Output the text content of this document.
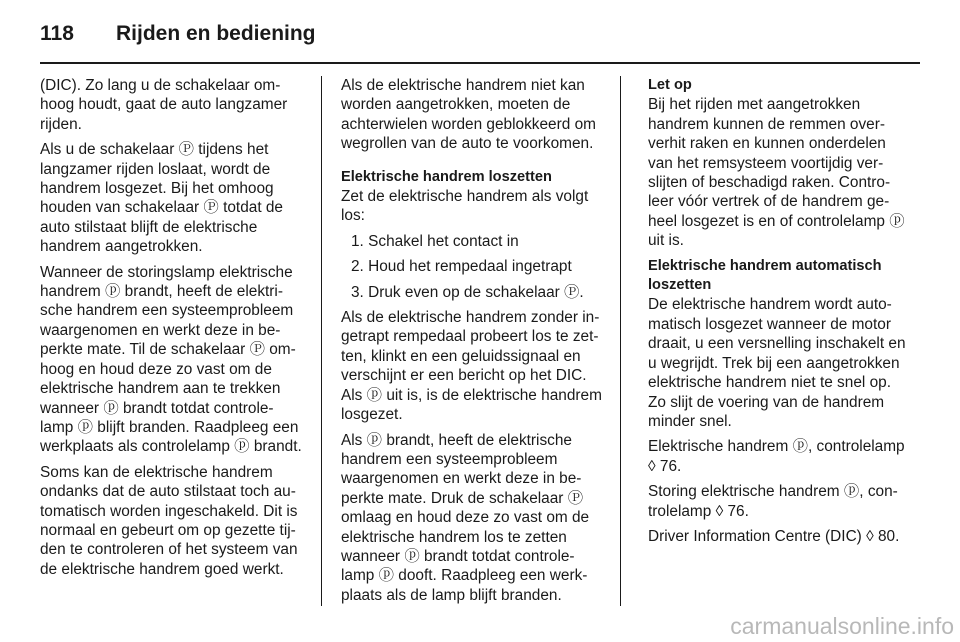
118 Rijden en bediening

(DIC). Zo lang u de schakelaar om-hoog houdt, gaat de auto langzamer rijden.

Als u de schakelaar Ⓟ tijdens het langzamer rijden loslaat, wordt de handrem losgezet. Bij het omhoog houden van schakelaar Ⓟ totdat de auto stilstaat blijft de elektrische handrem aangetrokken.

Wanneer de storingslamp elektrische handrem ⓟ brandt, heeft de elektri-sche handrem een systeemprobleem waargenomen en werkt deze in be-perkte mate. Til de schakelaar Ⓟ om-hoog en houd deze zo vast om de elektrische handrem aan te trekken wanneer ⓟ brandt totdat controle-lamp ⓟ blijft branden. Raadpleeg een werkplaats als controlelamp ⓟ brandt.

Soms kan de elektrische handrem ondanks dat de auto stilstaat toch au-tomatisch worden ingeschakeld. Dit is normaal en gebeurt om op gezette tij-den te controleren of het systeem van de elektrische handrem goed werkt.

Als de elektrische handrem niet kan worden aangetrokken, moeten de achterwielen worden geblokkeerd om wegrollen van de auto te voorkomen.

Elektrische handrem loszetten

Zet de elektrische handrem als volgt los:

1. Schakel het contact in
2. Houd het rempedaal ingetrapt
3. Druk even op de schakelaar Ⓟ.

Als de elektrische handrem zonder in-getrapt rempedaal probeert los te zet-ten, klinkt en een geluidssignaal en verschijnt er een bericht op het DIC. Als ⓟ uit is, is de elektrische handrem losgezet.

Als ⓟ brandt, heeft de elektrische handrem een systeemprobleem waargenomen en werkt deze in be-perkte mate. Druk de schakelaar Ⓟ omlaag en houd deze zo vast om de elektrische handrem los te zetten wanneer ⓟ brandt totdat controle-lamp ⓟ dooft. Raadpleeg een werk-plaats als de lamp blijft branden.

Let op

Bij het rijden met aangetrokken handrem kunnen de remmen over-verhit raken en kunnen onderdelen van het remsysteem voortijdig ver-slijten of beschadigd raken. Contro-leer vóór vertrek of de handrem ge-heel losgezet is en of controlelamp ⓟ uit is.

Elektrische handrem automatisch loszetten

De elektrische handrem wordt auto-matisch losgezet wanneer de motor draait, u een versnelling inschakelt en u wegrijdt. Trek bij een aangetrokken elektrische handrem niet te snel op. Zo slijt de voering van de handrem minder snel.

Elektrische handrem ⓟ, controlelamp ◊ 76.

Storing elektrische handrem ⓟ, con-trolelamp ◊ 76.

Driver Information Centre (DIC) ◊ 80.

carmanualsonline.info
